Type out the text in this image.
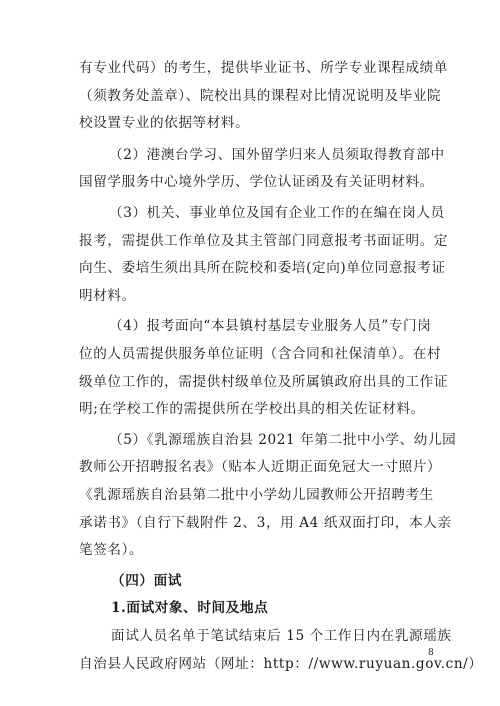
有专业代码）的考生，提供毕业证书、所学专业课程成绩单
（须教务处盖章）、院校出具的课程对比情况说明及毕业院
校设置专业的依据等材料。
（2）港澳台学习、国外留学归来人员须取得教育部中
国留学服务中心境外学历、学位认证函及有关证明材料。
（3）机关、事业单位及国有企业工作的在编在岗人员
报考，需提供工作单位及其主管部门同意报考书面证明。定
向生、委培生须出具所在院校和委培(定向)单位同意报考证
明材料。
（4）报考面向“本县镇村基层专业服务人员”专门岗
位的人员需提供服务单位证明（含合同和社保清单）。在村
级单位工作的，需提供村级单位及所属镇政府出具的工作证
明;在学校工作的需提供所在学校出具的相关佐证材料。
（5）《乳源瑶族自治县 2021 年第二批中小学、幼儿园
教师公开招聘报名表》（贴本人近期正面免冠大一寸照片）
《乳源瑶族自治县第二批中小学幼儿园教师公开招聘考生
承诺书》（自行下载附件 2、3，用 A4 纸双面打印，本人亲
笔签名）。
（四）面试
1.面试对象、时间及地点
面试人员名单于笔试结束后 15 个工作日内在乳源瑶族
自治县人民政府网站（网址：http：//www.ruyuan.gov.cn/）
8
